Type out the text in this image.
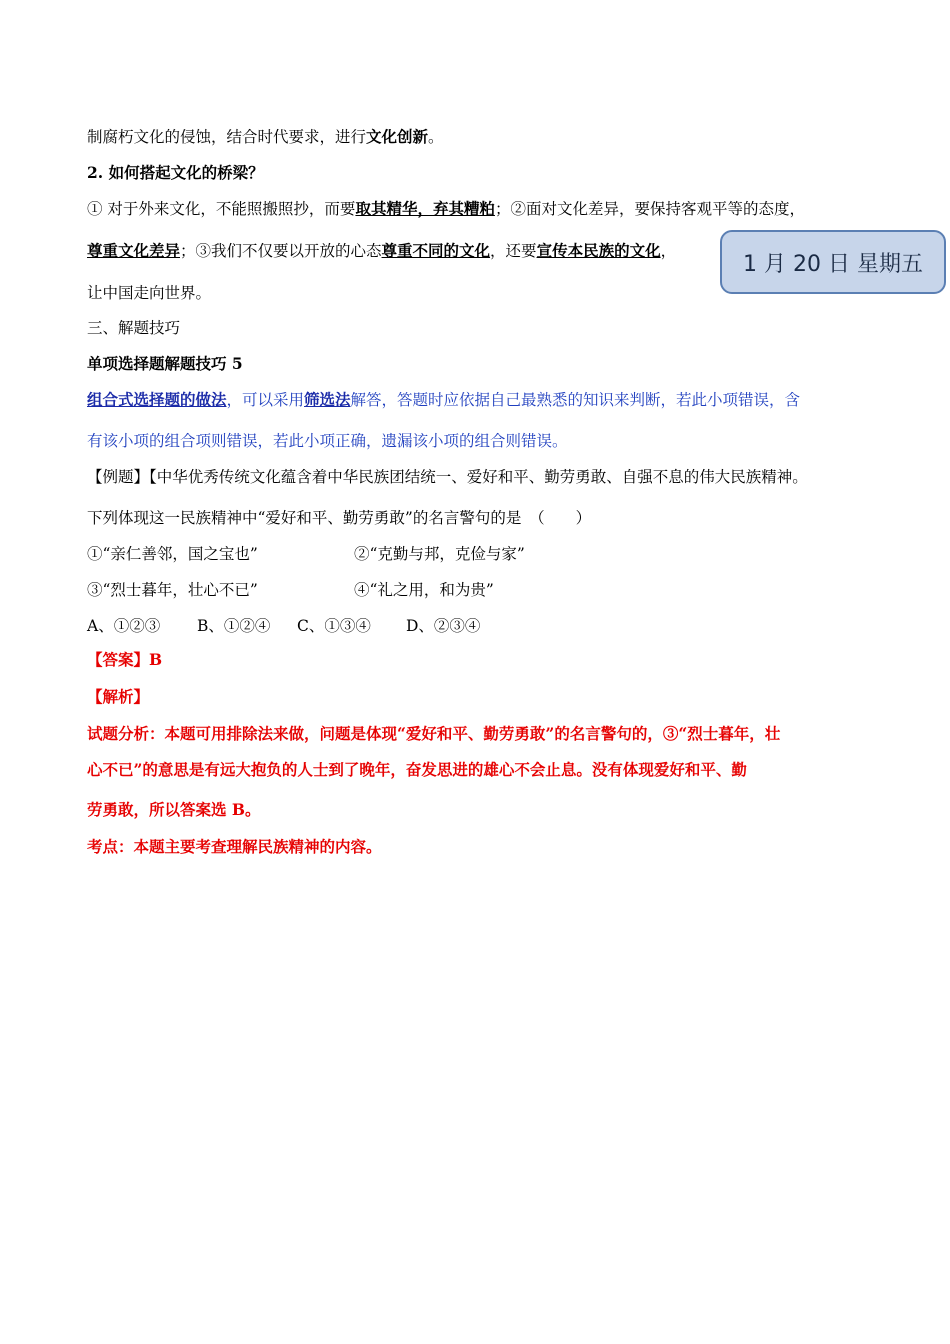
制腐朽文化的侵蚀，结合时代要求，进行文化创新。
2. 如何搭起文化的桥梁？
① 对于外来文化，不能照搬照抄，而要取其精华，弃其糟粕；②面对文化差异，要保持客观平等的态度，
尊重文化差异；③我们不仅要以开放的心态尊重不同的文化，还要宣传本民族的文化，
让中国走向世界。
三、解题技巧
单项选择题解题技巧 5
组合式选择题的做法，可以采用筛选法解答，答题时应依据自己最熟悉的知识来判断，若此小项错误，含
有该小项的组合项则错误，若此小项正确，遗漏该小项的组合则错误。
【例题】【中华优秀传统文化蕴含着中华民族团结统一、爱好和平、勤劳勇敢、自强不息的伟大民族精神。
下列体现这一民族精神中“爱好和平、勤劳勇敢”的名言警句的是　（　　）
①“亲仁善邻，国之宝也”	②“克勤与邦，克俭与家”
③“烈士暮年，壮心不已”	④“礼之用，和为贵”
A、①②③ B、①②④ C、①③④ D、②③④
【答案】B
【解析】
试题分析：本题可用排除法来做，问题是体现“爱好和平、勤劳勇敢”的名言警句的，③“烈士暮年，壮
心不已”的意思是有远大抱负的人士到了晚年，奋发思进的雄心不会止息。没有体现爱好和平、勤
劳勇敢，所以答案选 B。
考点：本题主要考查理解民族精神的内容。
1 月 20 日 星期五
